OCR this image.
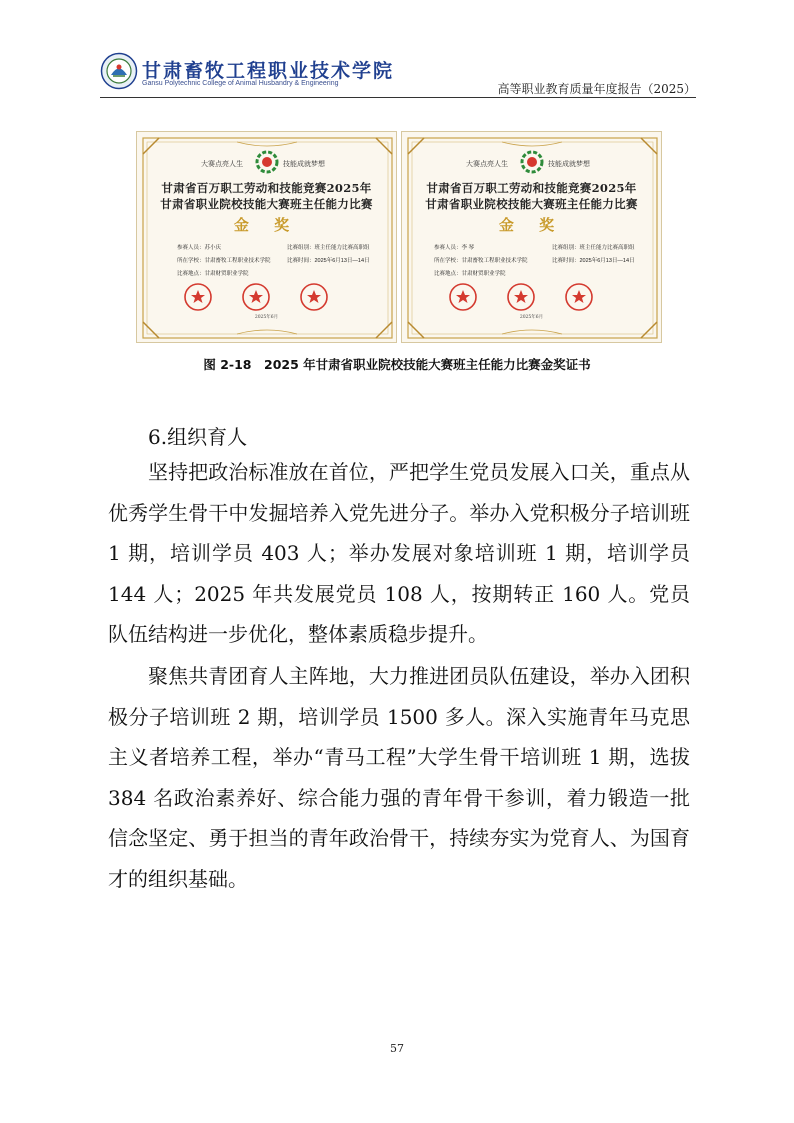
甘肃畜牧工程职业技术学院
Gansu Polytechnic College of Animal Husbandry & Engineering	高等职业教育质量年度报告（2025）
大赛点亮人生	技能成就梦想
甘肃省百万职工劳动和技能竞赛2025年
甘肃省职业院校技能大赛班主任能力比赛
金 奖
参赛人员：苏小庆
所在学校：甘肃畜牧工程职业技术学院
比赛地点：甘肃财贸职业学院
比赛组别：班主任能力比赛高职组
比赛时间：2025年6月13日—14日
2025年6月
大赛点亮人生	技能成就梦想
甘肃省百万职工劳动和技能竞赛2025年
甘肃省职业院校技能大赛班主任能力比赛
金 奖
参赛人员：李 琴
所在学校：甘肃畜牧工程职业技术学院
比赛地点：甘肃财贸职业学院
比赛组别：班主任能力比赛高职组
比赛时间：2025年6月13日—14日
2025年6月
图 2-18　2025 年甘肃省职业院校技能大赛班主任能力比赛金奖证书
6.组织育人

坚持把政治标准放在首位，严把学生党员发展入口关，重点从优秀学生骨干中发掘培养入党先进分子。举办入党积极分子培训班 1 期，培训学员 403 人；举办发展对象培训班 1 期，培训学员 144 人；2025 年共发展党员 108 人，按期转正 160 人。党员队伍结构进一步优化，整体素质稳步提升。

聚焦共青团育人主阵地，大力推进团员队伍建设，举办入团积极分子培训班 2 期，培训学员 1500 多人。深入实施青年马克思主义者培养工程，举办“青马工程”大学生骨干培训班 1 期，选拔 384 名政治素养好、综合能力强的青年骨干参训，着力锻造一批信念坚定、勇于担当的青年政治骨干，持续夯实为党育人、为国育才的组织基础。

57
